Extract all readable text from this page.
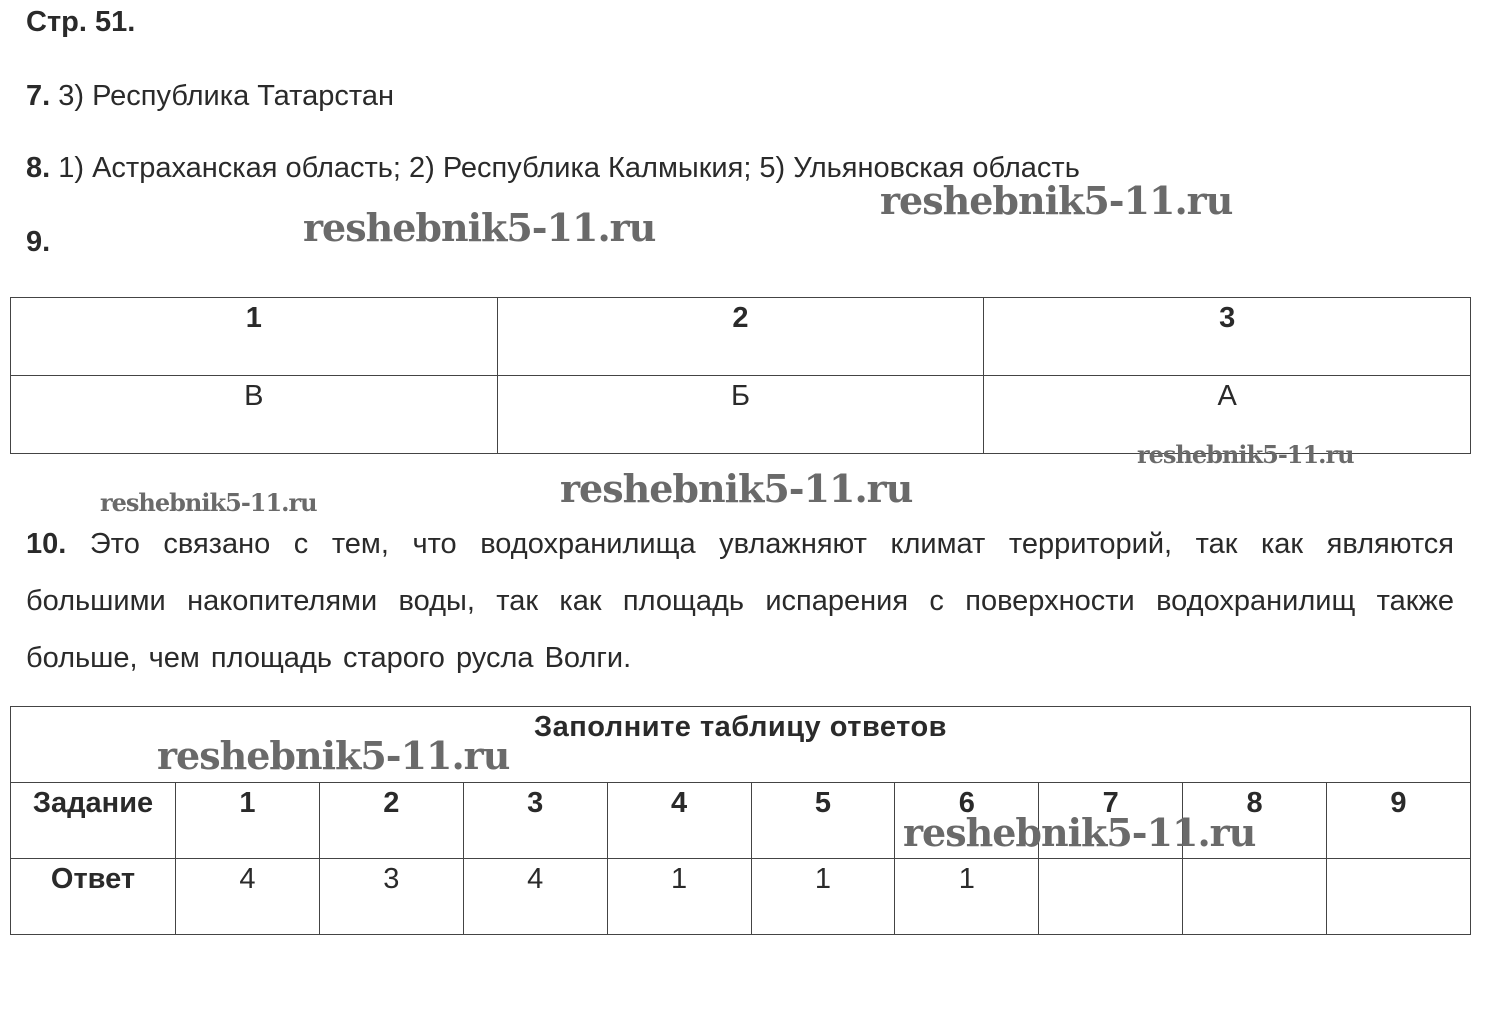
Стр. 51.
7. 3) Республика Татарстан
8. 1) Астраханская область; 2) Республика Калмыкия; 5) Ульяновская область
9.
1	2	3
В	Б	А
10. Это связано с тем, что водохранилища увлажняют климат территорий, так как являются большими накопителями воды, так как площадь испарения с поверхности водохранилищ также больше, чем площадь старого русла Волги.
Заполните таблицу ответов									
Задание	1	2	3	4	5	6	7	8	9
Ответ	4	3	4	1	1	1			
reshebnik5-11.ru
reshebnik5-11.ru
reshebnik5-11.ru
reshebnik5-11.ru	reshebnik5-11.ru
reshebnik5-11.ru
reshebnik5-11.ru
